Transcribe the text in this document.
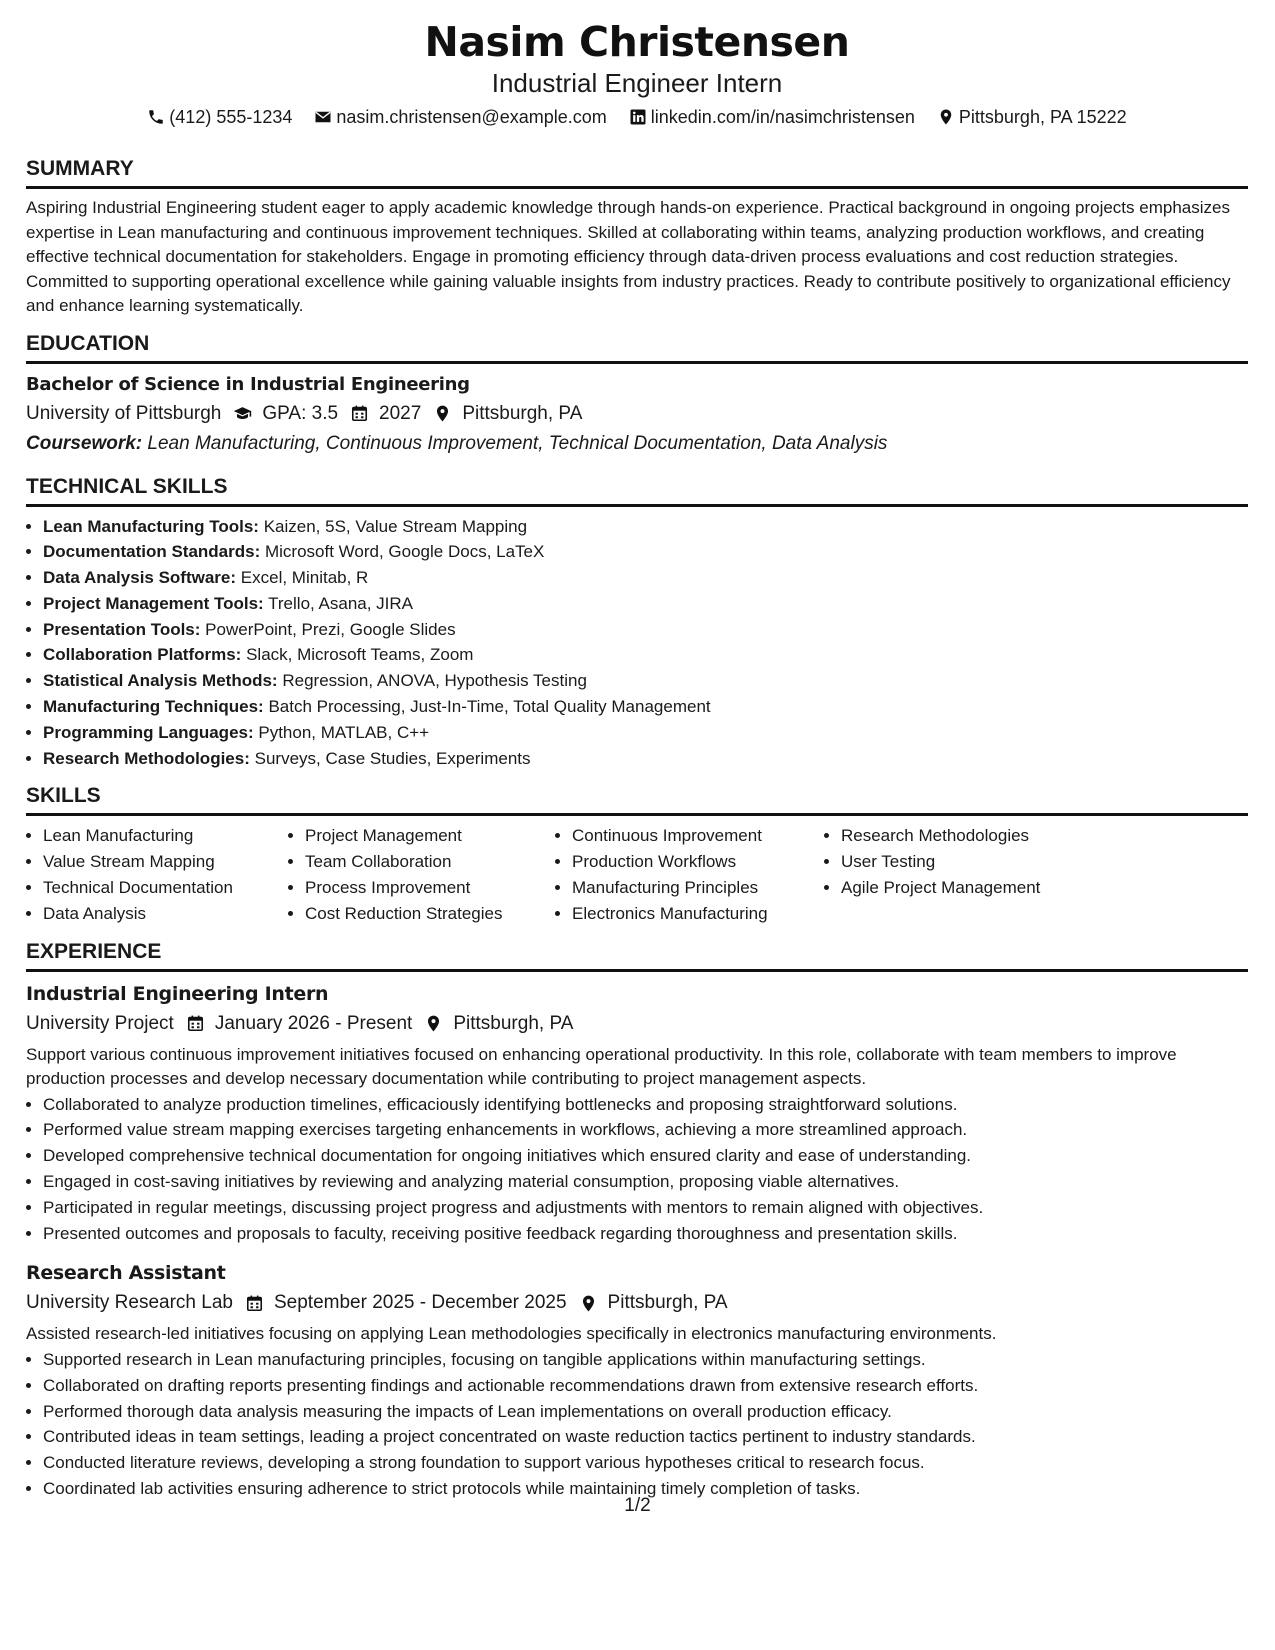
Nasim Christensen
Industrial Engineer Intern
(412) 555-1234 nasim.christensen@example.com linkedin.com/in/nasimchristensen Pittsburgh, PA 15222
SUMMARY
Aspiring Industrial Engineering student eager to apply academic knowledge through hands-on experience. Practical background in ongoing projects emphasizes expertise in Lean manufacturing and continuous improvement techniques. Skilled at collaborating within teams, analyzing production workflows, and creating effective technical documentation for stakeholders. Engage in promoting efficiency through data-driven process evaluations and cost reduction strategies. Committed to supporting operational excellence while gaining valuable insights from industry practices. Ready to contribute positively to organizational efficiency and enhance learning systematically.
EDUCATION
Bachelor of Science in Industrial Engineering
University of Pittsburgh GPA: 3.5 2027 Pittsburgh, PA
Coursework: Lean Manufacturing, Continuous Improvement, Technical Documentation, Data Analysis
TECHNICAL SKILLS
• Lean Manufacturing Tools: Kaizen, 5S, Value Stream Mapping
• Documentation Standards: Microsoft Word, Google Docs, LaTeX
• Data Analysis Software: Excel, Minitab, R
• Project Management Tools: Trello, Asana, JIRA
• Presentation Tools: PowerPoint, Prezi, Google Slides
• Collaboration Platforms: Slack, Microsoft Teams, Zoom
• Statistical Analysis Methods: Regression, ANOVA, Hypothesis Testing
• Manufacturing Techniques: Batch Processing, Just-In-Time, Total Quality Management
• Programming Languages: Python, MATLAB, C++
• Research Methodologies: Surveys, Case Studies, Experiments
SKILLS
• Lean Manufacturing
• Value Stream Mapping
• Technical Documentation
• Data Analysis
• Project Management
• Team Collaboration
• Process Improvement
• Cost Reduction Strategies
• Continuous Improvement
• Production Workflows
• Manufacturing Principles
• Electronics Manufacturing
• Research Methodologies
• User Testing
• Agile Project Management
EXPERIENCE
Industrial Engineering Intern
University Project January 2026 - Present Pittsburgh, PA
Support various continuous improvement initiatives focused on enhancing operational productivity. In this role, collaborate with team members to improve production processes and develop necessary documentation while contributing to project management aspects.
• Collaborated to analyze production timelines, efficaciously identifying bottlenecks and proposing straightforward solutions.
• Performed value stream mapping exercises targeting enhancements in workflows, achieving a more streamlined approach.
• Developed comprehensive technical documentation for ongoing initiatives which ensured clarity and ease of understanding.
• Engaged in cost-saving initiatives by reviewing and analyzing material consumption, proposing viable alternatives.
• Participated in regular meetings, discussing project progress and adjustments with mentors to remain aligned with objectives.
• Presented outcomes and proposals to faculty, receiving positive feedback regarding thoroughness and presentation skills.
Research Assistant
University Research Lab September 2025 - December 2025 Pittsburgh, PA
Assisted research-led initiatives focusing on applying Lean methodologies specifically in electronics manufacturing environments.
• Supported research in Lean manufacturing principles, focusing on tangible applications within manufacturing settings.
• Collaborated on drafting reports presenting findings and actionable recommendations drawn from extensive research efforts.
• Performed thorough data analysis measuring the impacts of Lean implementations on overall production efficacy.
• Contributed ideas in team settings, leading a project concentrated on waste reduction tactics pertinent to industry standards.
• Conducted literature reviews, developing a strong foundation to support various hypotheses critical to research focus.
• Coordinated lab activities ensuring adherence to strict protocols while maintaining timely completion of tasks.
1/2
